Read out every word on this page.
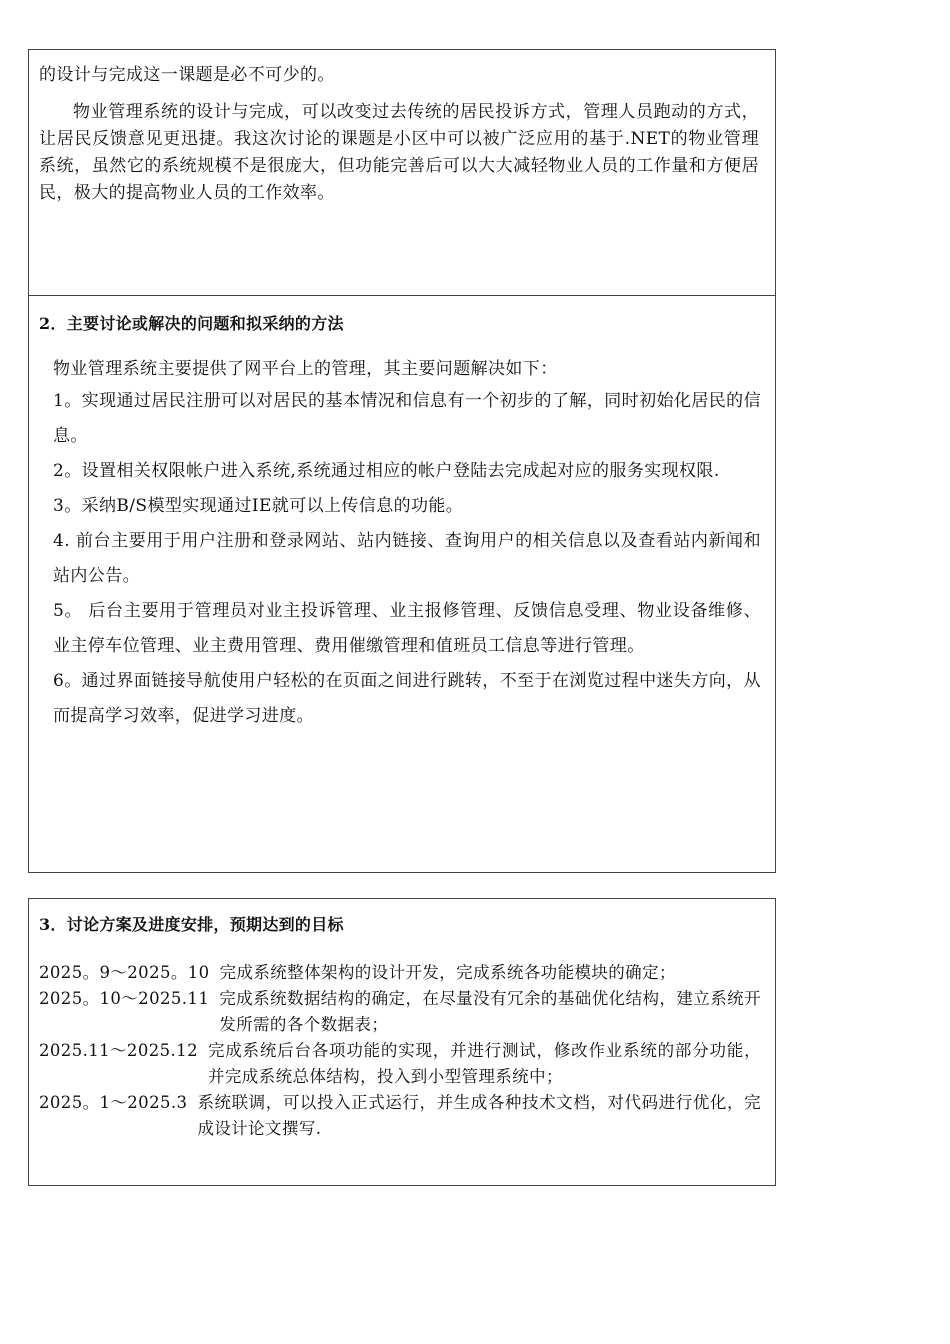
的设计与完成这一课题是必不可少的。

物业管理系统的设计与完成，可以改变过去传统的居民投诉方式，管理人员跑动的方式，让居民反馈意见更迅捷。我这次讨论的课题是小区中可以被广泛应用的基于.NET的物业管理系统，虽然它的系统规模不是很庞大，但功能完善后可以大大减轻物业人员的工作量和方便居民，极大的提高物业人员的工作效率。

2．主要讨论或解决的问题和拟采纳的方法

物业管理系统主要提供了网平台上的管理，其主要问题解决如下：

1。实现通过居民注册可以对居民的基本情况和信息有一个初步的了解，同时初始化居民的信息。

2。设置相关权限帐户进入系统,系统通过相应的帐户登陆去完成起对应的服务实现权限.

3。采纳B/S模型实现通过IE就可以上传信息的功能。

4. 前台主要用于用户注册和登录网站、站内链接、查询用户的相关信息以及查看站内新闻和站内公告。

5。 后台主要用于管理员对业主投诉管理、业主报修管理、反馈信息受理、物业设备维修、业主停车位管理、业主费用管理、费用催缴管理和值班员工信息等进行管理。

6。通过界面链接导航使用户轻松的在页面之间进行跳转，不至于在浏览过程中迷失方向，从而提高学习效率，促进学习进度。

3．讨论方案及进度安排，预期达到的目标

2025。9～2025。10 完成系统整体架构的设计开发，完成系统各功能模块的确定；
2025。10～2025.11 完成系统数据结构的确定，在尽量没有冗余的基础优化结构，建立系统开发所需的各个数据表；
2025.11～2025.12 完成系统后台各项功能的实现，并进行测试，修改作业系统的部分功能，并完成系统总体结构，投入到小型管理系统中；
2025。1～2025.3 系统联调，可以投入正式运行，并生成各种技术文档，对代码进行优化，完成设计论文撰写.
